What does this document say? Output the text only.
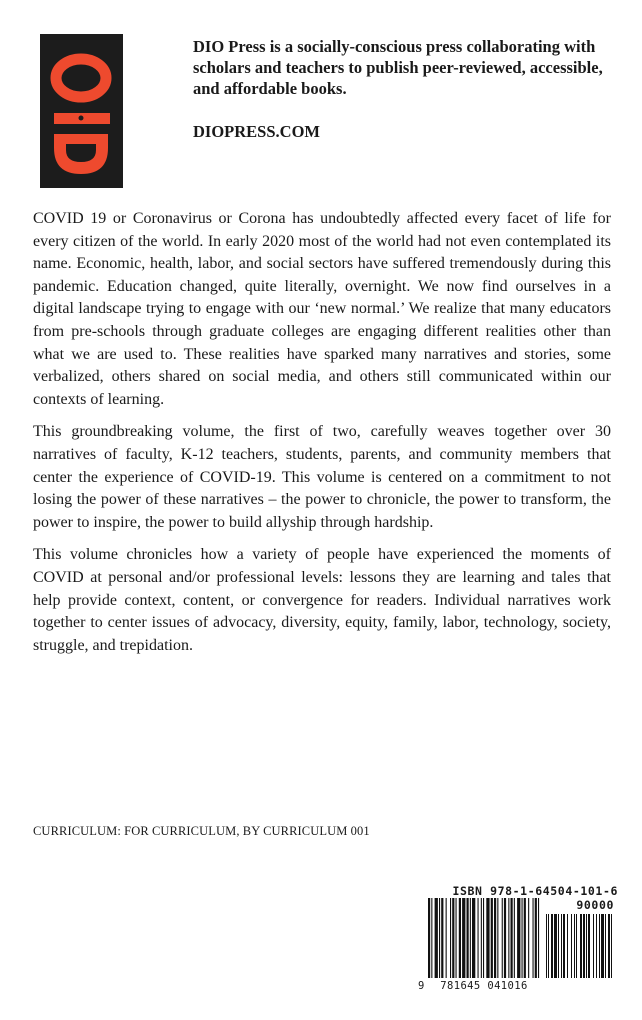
DIO Press is a socially-conscious press collaborating with scholars and teachers to publish peer-reviewed, accessible, and affordable books.

DIOPRESS.COM

COVID 19 or Coronavirus or Corona has undoubtedly affected every facet of life for every citizen of the world. In early 2020 most of the world had not even contemplated its name. Economic, health, labor, and social sectors have suffered tremendously during this pandemic. Education changed, quite literally, overnight. We now find ourselves in a digital landscape trying to engage with our ‘new normal.’ We realize that many educators from pre-schools through graduate colleges are engaging different realities other than what we are used to. These realities have sparked many narratives and stories, some verbalized, others shared on social media, and others still communicated within our contexts of learning.

This groundbreaking volume, the first of two, carefully weaves together over 30 narratives of faculty, K-12 teachers, students, parents, and community members that center the experience of COVID-19. This volume is centered on a commitment to not losing the power of these narratives – the power to chronicle, the power to transform, the power to inspire, the power to build allyship through hardship.

This volume chronicles how a variety of people have experienced the moments of COVID at personal and/or professional levels: lessons they are learning and tales that help provide context, content, or convergence for readers. Individual narratives work together to center issues of advocacy, diversity, equity, family, labor, technology, society, struggle, and trepidation.

CURRICULUM: FOR CURRICULUM, BY CURRICULUM 001
ISBN 978-1-64504-101-6
90000
9	781645 041016
